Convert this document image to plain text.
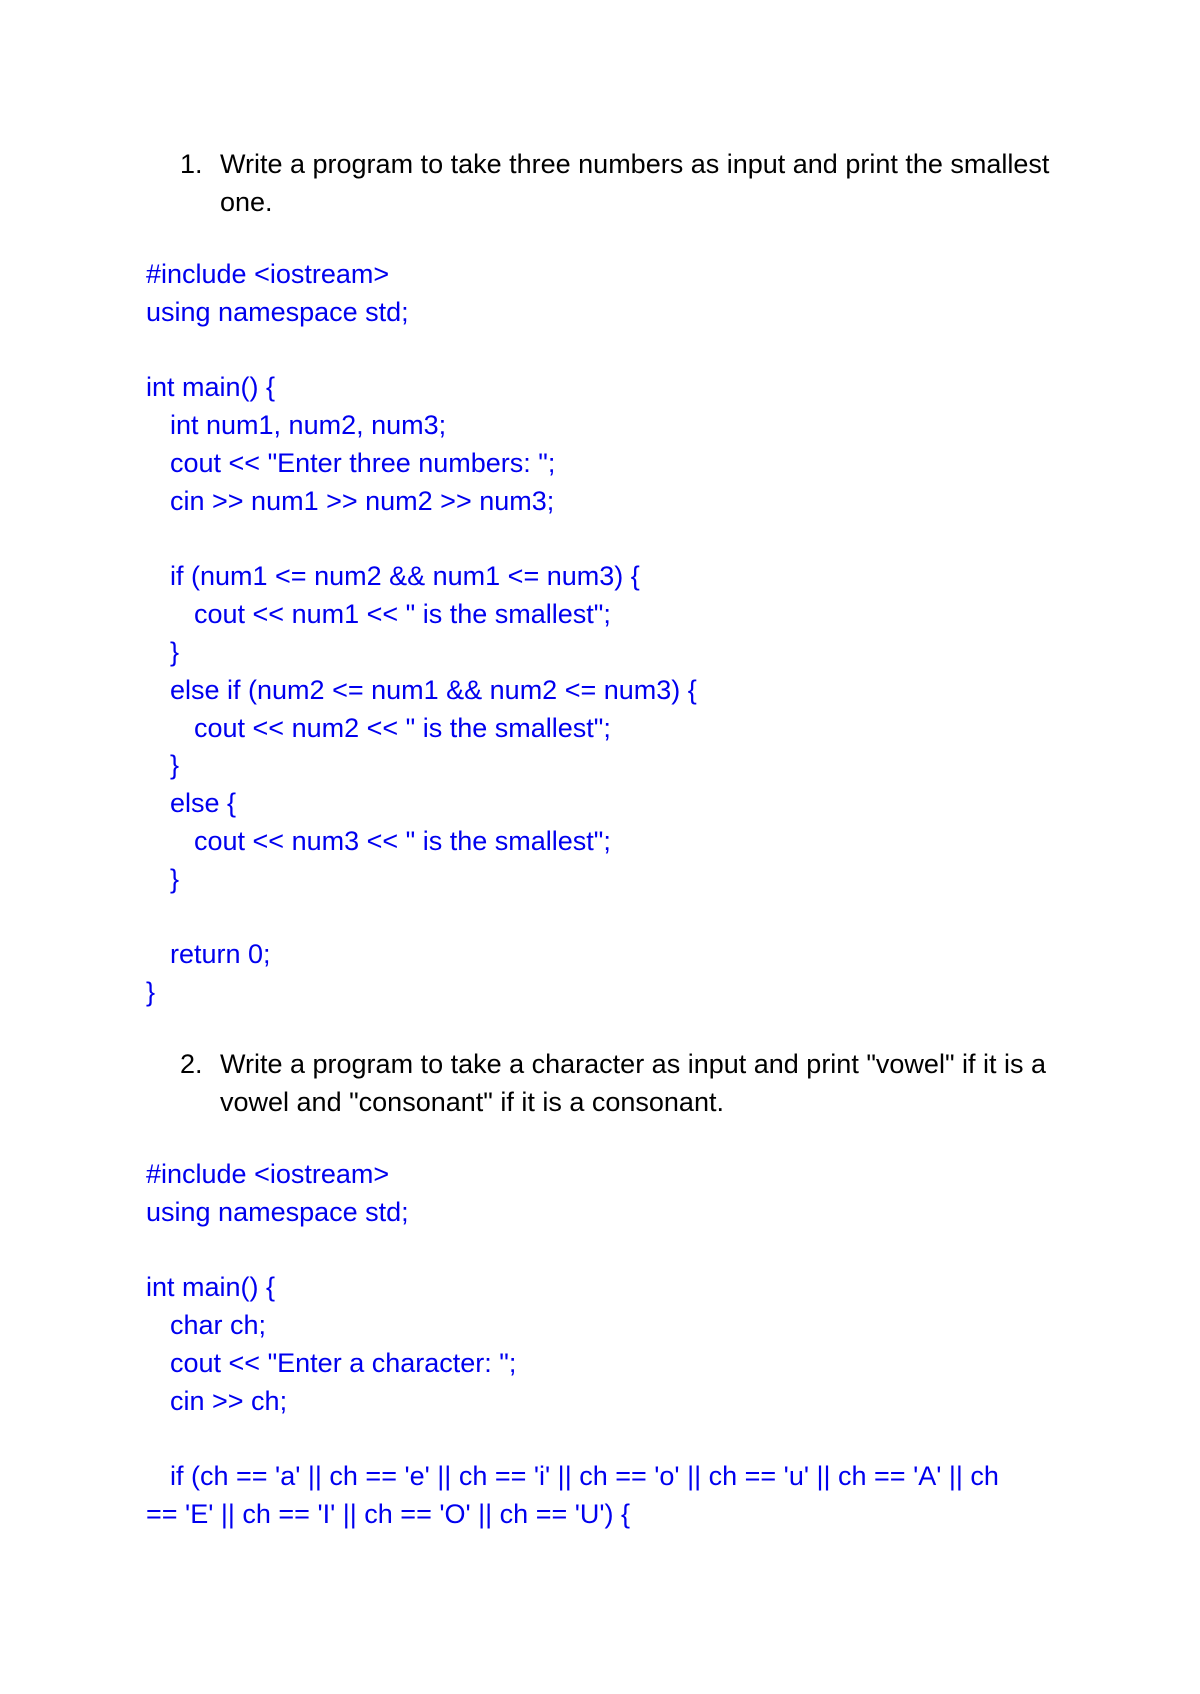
1. Write a program to take three numbers as input and print the smallest one.
#include <iostream>
using namespace std;
int main() {
int num1, num2, num3;
cout << "Enter three numbers: ";
cin >> num1 >> num2 >> num3;
if (num1 <= num2 && num1 <= num3) {
cout << num1 << " is the smallest";
}
else if (num2 <= num1 && num2 <= num3) {
cout << num2 << " is the smallest";
}
else {
cout << num3 << " is the smallest";
}
return 0;
}
2. Write a program to take a character as input and print "vowel" if it is a vowel and "consonant" if it is a consonant.
#include <iostream>
using namespace std;
int main() {
char ch;
cout << "Enter a character: ";
cin >> ch;
if (ch == 'a' || ch == 'e' || ch == 'i' || ch == 'o' || ch == 'u' || ch == 'A' || ch
== 'E' || ch == 'I' || ch == 'O' || ch == 'U') {
